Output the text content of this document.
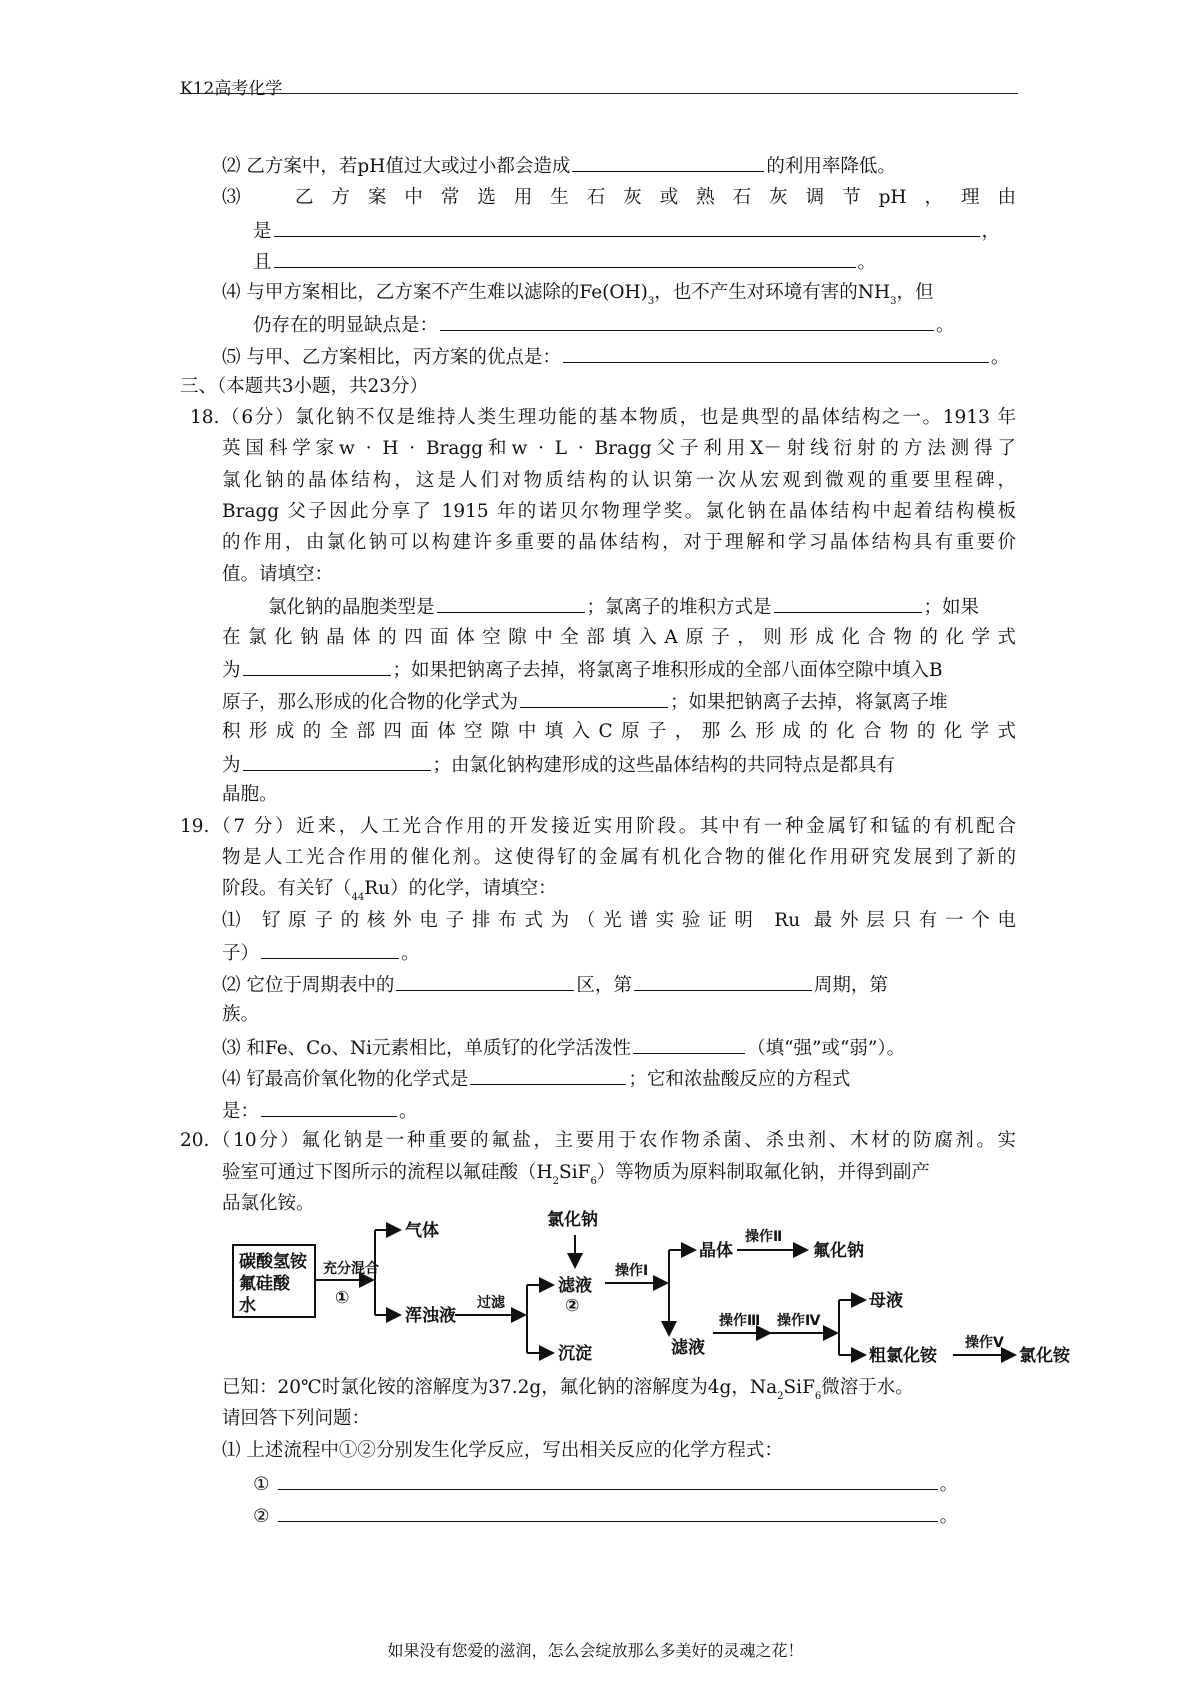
K12高考化学
⑵ 乙方案中，若pH值过大或过小都会造成	的利用率降低。
⑶　乙方案中常选用生石灰或熟石灰调节pH，理由
是	，
且	。
⑷ 与甲方案相比，乙方案不产生难以滤除的$Fe(OH)_3$，也不产生对环境有害的$NH_3$，但
仍存在的明显缺点是：	。
⑸ 与甲、乙方案相比，丙方案的优点是：	。
三、（本题共3小题，共23分）
18.（6分）氯化钠不仅是维持人类生理功能的基本物质，也是典型的晶体结构之一。1913 年
英国科学家w · H · Bragg和w · L · Bragg父子利用X－射线衍射的方法测得了
氯化钠的晶体结构，这是人们对物质结构的认识第一次从宏观到微观的重要里程碑，
Bragg 父子因此分享了 1915 年的诺贝尔物理学奖。氯化钠在晶体结构中起着结构模板
的作用，由氯化钠可以构建许多重要的晶体结构，对于理解和学习晶体结构具有重要价
值。请填空：
氯化钠的晶胞类型是	；氯离子的堆积方式是	；如果
在氯化钠晶体的四面体空隙中全部填入A原子，则形成化合物的化学式
为	；如果把钠离子去掉，将氯离子堆积形成的全部八面体空隙中填入B
原子，那么形成的化合物的化学式为	；如果把钠离子去掉，将氯离子堆
积形成的全部四面体空隙中填入C原子，那么形成的化合物的化学式
为	；由氯化钠构建形成的这些晶体结构的共同特点是都具有
晶胞。
19.（7 分）近来，人工光合作用的开发接近实用阶段。其中有一种金属钌和锰的有机配合
物是人工光合作用的催化剂。这使得钌的金属有机化合物的催化作用研究发展到了新的
阶段。有关钌$(_{44}Ru)$的化学，请填空：
⑴ 钌原子的核外电子排布式为（光谱实验证明 Ru 最外层只有一个电
子）	。
⑵ 它位于周期表中的	区，第	周期，第
族。
⑶ 和Fe、Co、Ni元素相比，单质钌的化学活泼性	（填“强”或“弱”）。
⑷ 钌最高价氧化物的化学式是	；它和浓盐酸反应的方程式
是：	。
20.（10分）氟化钠是一种重要的氟盐，主要用于农作物杀菌、杀虫剂、木材的防腐剂。实
验室可通过下图所示的流程以氟硅酸$(H_2SiF_6)$等物质为原料制取氟化钠，并得到副产
品氯化铵。
碳酸氢铵
氟硅酸
水
充分混合
①
气体
浑浊液
过滤
氯化钠
滤液
②
沉淀
操作Ⅰ
晶体
操作Ⅱ
氟化钠
滤液
操作Ⅲ 操作Ⅳ
母液
粗氯化铵
操作Ⅴ
氯化铵
已知：20℃时氯化铵的溶解度为37.2g，氟化钠的溶解度为4g，$Na_2SiF_6$微溶于水。
请回答下列问题：
⑴ 上述流程中①②分别发生化学反应，写出相关反应的化学方程式：
①	。
②	。
如果没有您爱的滋润，怎么会绽放那么多美好的灵魂之花！
